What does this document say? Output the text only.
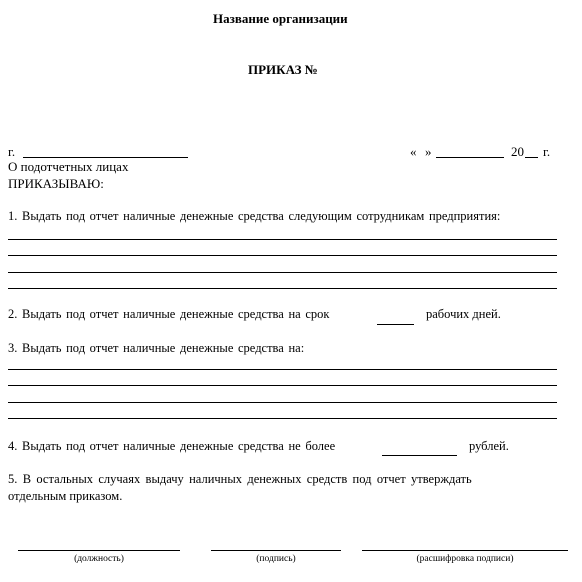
Название организации
ПРИКАЗ №
г.	« »	20 г.
О подотчетных лицах
ПРИКАЗЫВАЮ:
1. Выдать под отчет наличные денежные средства следующим сотрудникам предприятия:
2. Выдать под отчет наличные денежные средства на срок	рабочих дней.
3. Выдать под отчет наличные денежные средства на:
4. Выдать под отчет наличные денежные средства не более	рублей.
5. В остальных случаях выдачу наличных денежных средств под отчет утверждать
отдельным приказом.
(должность)	(подпись)	(расшифровка подписи)
